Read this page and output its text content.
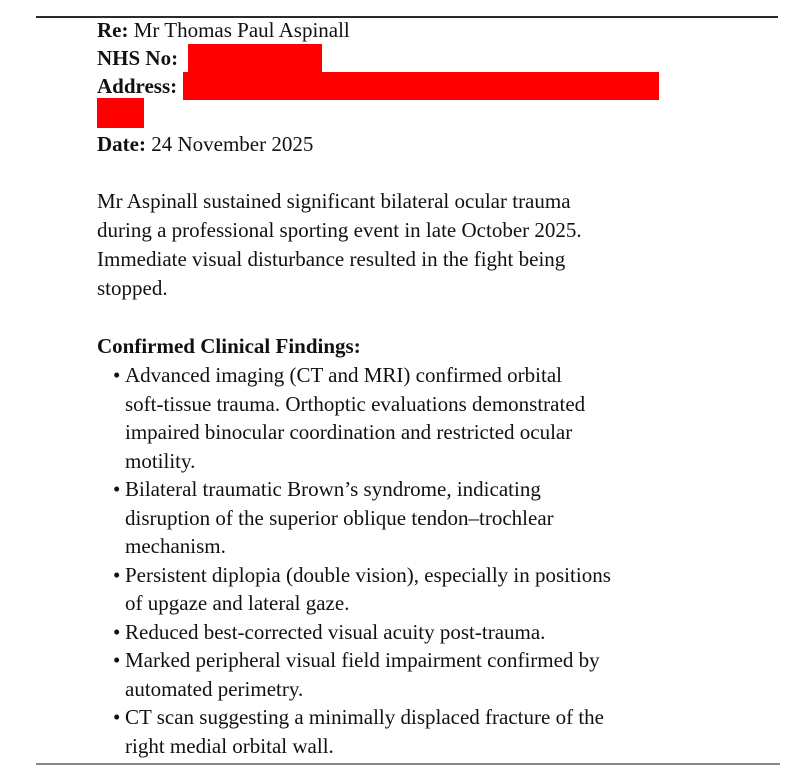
Re: Mr Thomas Paul Aspinall
NHS No:
Address:
Date: 24 November 2025

Mr Aspinall sustained significant bilateral ocular trauma
during a professional sporting event in late October 2025.
Immediate visual disturbance resulted in the fight being
stopped.

Confirmed Clinical Findings:
• Advanced imaging (CT and MRI) confirmed orbital
soft-tissue trauma. Orthoptic evaluations demonstrated
impaired binocular coordination and restricted ocular
motility.
• Bilateral traumatic Brown’s syndrome, indicating
disruption of the superior oblique tendon–trochlear
mechanism.
• Persistent diplopia (double vision), especially in positions
of upgaze and lateral gaze.
• Reduced best-corrected visual acuity post-trauma.
• Marked peripheral visual field impairment confirmed by
automated perimetry.
• CT scan suggesting a minimally displaced fracture of the
right medial orbital wall.
